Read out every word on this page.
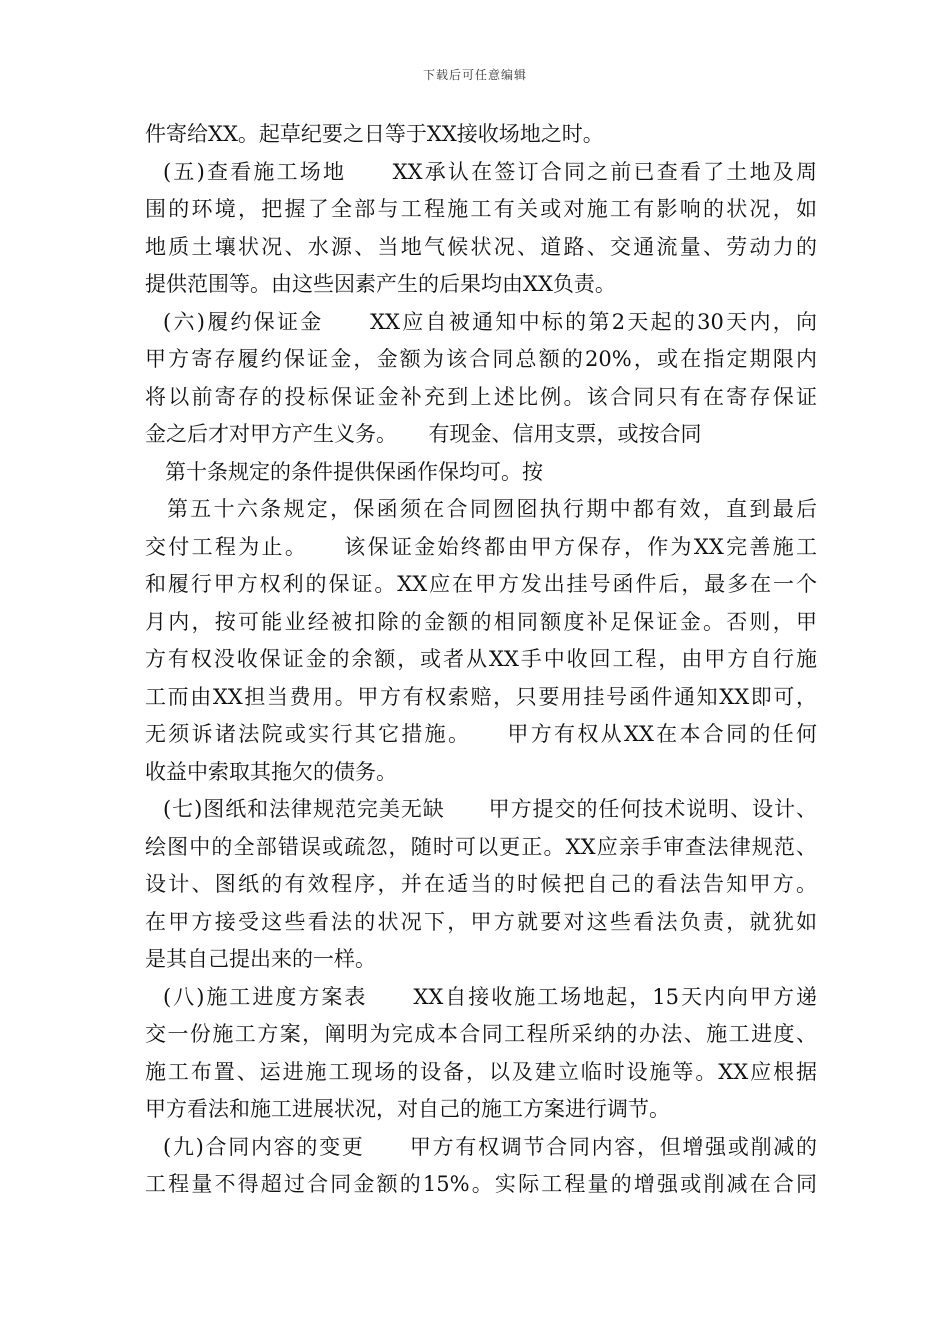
下载后可任意编辑
件寄给XX。起草纪要之日等于XX接收场地之时。
(五)查看施工场地　　XX承认在签订合同之前已查看了土地及周
围的环境，把握了全部与工程施工有关或对施工有影响的状况，如
地质土壤状况、水源、当地气候状况、道路、交通流量、劳动力的
提供范围等。由这些因素产生的后果均由XX负责。
(六)履约保证金　　XX应自被通知中标的第2天起的30天内，向
甲方寄存履约保证金，金额为该合同总额的20%，或在指定期限内
将以前寄存的投标保证金补充到上述比例。该合同只有在寄存保证
金之后才对甲方产生义务。　　有现金、信用支票，或按合同
第十条规定的条件提供保函作保均可。按
第五十六条规定，保函须在合同囫囵执行期中都有效，直到最后
交付工程为止。　　该保证金始终都由甲方保存，作为XX完善施工
和履行甲方权利的保证。XX应在甲方发出挂号函件后，最多在一个
月内，按可能业经被扣除的金额的相同额度补足保证金。否则，甲
方有权没收保证金的余额，或者从XX手中收回工程，由甲方自行施
工而由XX担当费用。甲方有权索赔，只要用挂号函件通知XX即可，
无须诉诸法院或实行其它措施。　　甲方有权从XX在本合同的任何
收益中索取其拖欠的债务。
(七)图纸和法律规范完美无缺　　甲方提交的任何技术说明、设计、
绘图中的全部错误或疏忽，随时可以更正。XX应亲手审查法律规范、
设计、图纸的有效程序，并在适当的时候把自己的看法告知甲方。
在甲方接受这些看法的状况下，甲方就要对这些看法负责，就犹如
是其自己提出来的一样。
(八)施工进度方案表　　XX自接收施工场地起，15天内向甲方递
交一份施工方案，阐明为完成本合同工程所采纳的办法、施工进度、
施工布置、运进施工现场的设备，以及建立临时设施等。XX应根据
甲方看法和施工进展状况，对自己的施工方案进行调节。
(九)合同内容的变更　　甲方有权调节合同内容，但增强或削减的
工程量不得超过合同金额的15%。实际工程量的增强或削减在合同
